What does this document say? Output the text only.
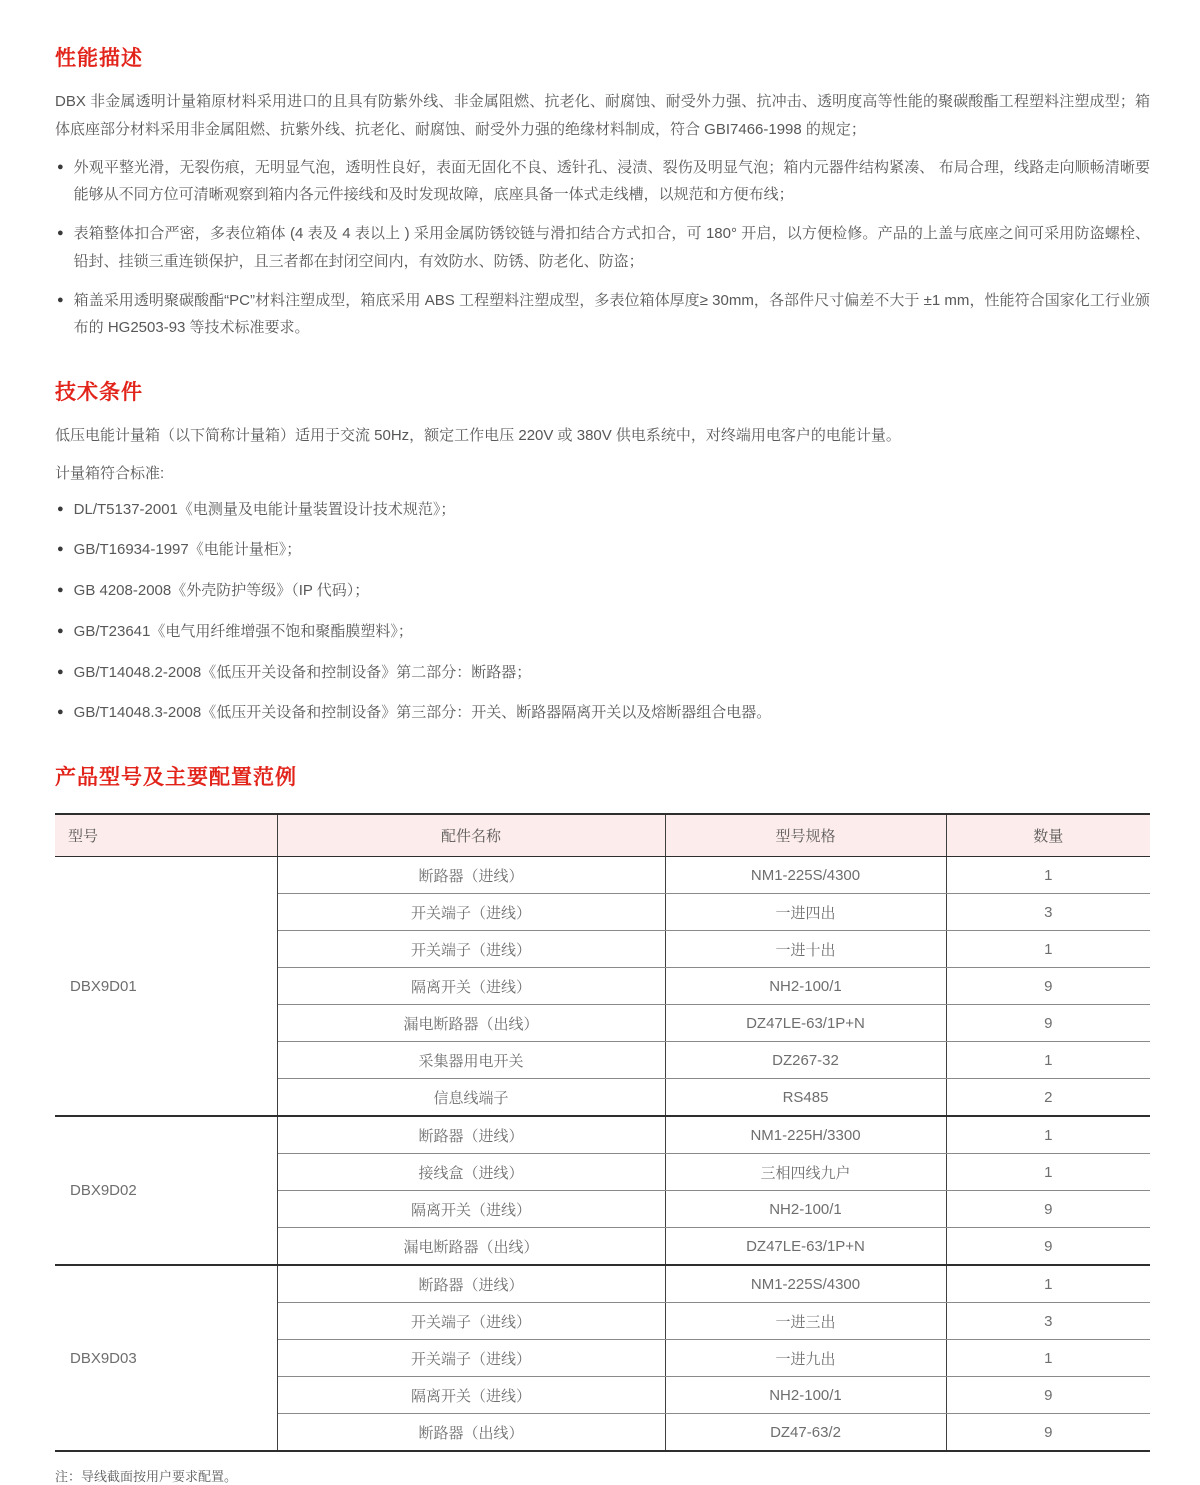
性能描述

DBX 非金属透明计量箱原材料采用进口的且具有防紫外线、非金属阻燃、抗老化、耐腐蚀、耐受外力强、抗冲击、透明度高等性能的聚碳酸酯工程塑料注塑成型；箱体底座部分材料采用非金属阻燃、抗紫外线、抗老化、耐腐蚀、耐受外力强的绝缘材料制成，符合 GBI7466-1998 的规定；

● 外观平整光滑，无裂伤痕，无明显气泡，透明性良好，表面无固化不良、透针孔、浸渍、裂伤及明显气泡；箱内元器件结构紧凑、 布局合理，线路走向顺畅清晰要能够从不同方位可清晰观察到箱内各元件接线和及时发现故障，底座具备一体式走线槽，以规范和方便布线；
● 表箱整体扣合严密，多表位箱体 (4 表及 4 表以上 ) 采用金属防锈铰链与滑扣结合方式扣合，可 180° 开启，以方便检修。产品的上盖与底座之间可采用防盗螺栓、铅封、挂锁三重连锁保护，且三者都在封闭空间内，有效防水、防锈、防老化、防盗；
● 箱盖采用透明聚碳酸酯“PC”材料注塑成型，箱底采用 ABS 工程塑料注塑成型，多表位箱体厚度≥ 30mm，各部件尺寸偏差不大于 ±1 mm，性能符合国家化工行业颁布的 HG2503-93 等技术标准要求。
技术条件

低压电能计量箱（以下简称计量箱）适用于交流 50Hz，额定工作电压 220V 或 380V 供电系统中，对终端用电客户的电能计量。

计量箱符合标准:

● DL/T5137-2001《电测量及电能计量装置设计技术规范》；
● GB/T16934-1997《电能计量柜》；
● GB 4208-2008《外壳防护等级》（IP 代码）；
● GB/T23641《电气用纤维增强不饱和聚酯膜塑料》；
● GB/T14048.2-2008《低压开关设备和控制设备》第二部分：断路器；
● GB/T14048.3-2008《低压开关设备和控制设备》第三部分：开关、断路器隔离开关以及熔断器组合电器。
产品型号及主要配置范例
型号	配件名称	型号规格	数量
DBX9D01	断路器（进线）	NM1-225S/4300	1
	开关端子（进线）	一进四出	3
	开关端子（进线）	一进十出	1
	隔离开关（进线）	NH2-100/1	9
	漏电断路器（出线）	DZ47LE-63/1P+N	9
	采集器用电开关	DZ267-32	1
	信息线端子	RS485	2
DBX9D02	断路器（进线）	NM1-225H/3300	1
	接线盒（进线）	三相四线九户	1
	隔离开关（进线）	NH2-100/1	9
	漏电断路器（出线）	DZ47LE-63/1P+N	9
DBX9D03	断路器（进线）	NM1-225S/4300	1
	开关端子（进线）	一进三出	3
	开关端子（进线）	一进九出	1
	隔离开关（进线）	NH2-100/1	9
	断路器（出线）	DZ47-63/2	9

注：导线截面按用户要求配置。
